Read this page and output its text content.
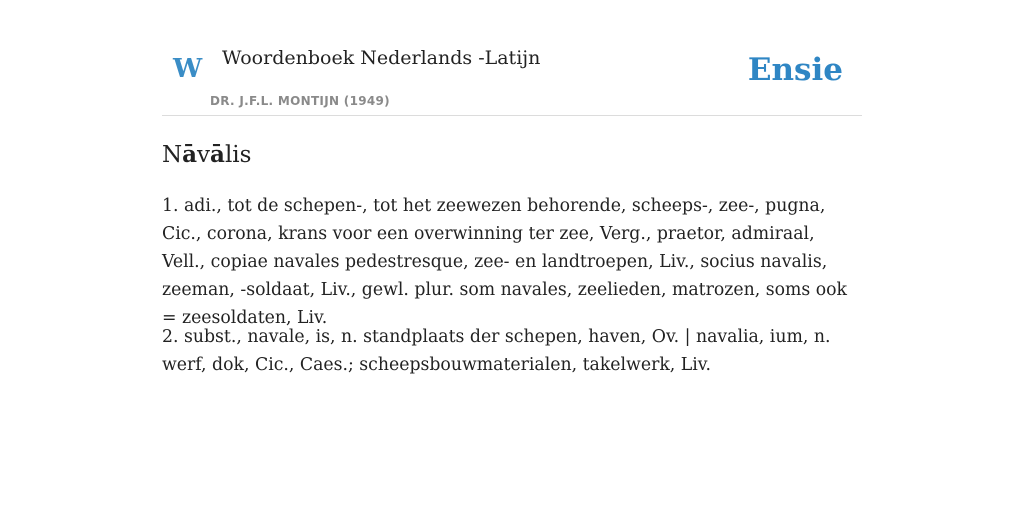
W Woordenboek Nederlands -Latijn
DR. J.F.L. MONTIJN (1949)
Ensie
Nāvālis

1. adi., tot de schepen-, tot het zeewezen behorende, scheeps-, zee-, pugna, Cic., corona, krans voor een overwinning ter zee, Verg., praetor, admiraal, Vell., copiae navales pedestresque, zee- en landtroepen, Liv., socius navalis, zeeman, -soldaat, Liv., gewl. plur. som navales, zeelieden, matrozen, soms ook = zeesoldaten, Liv.

2. subst., navale, is, n. standplaats der schepen, haven, Ov. | navalia, ium, n. werf, dok, Cic., Caes.; scheepsbouwmaterialen, takelwerk, Liv.
